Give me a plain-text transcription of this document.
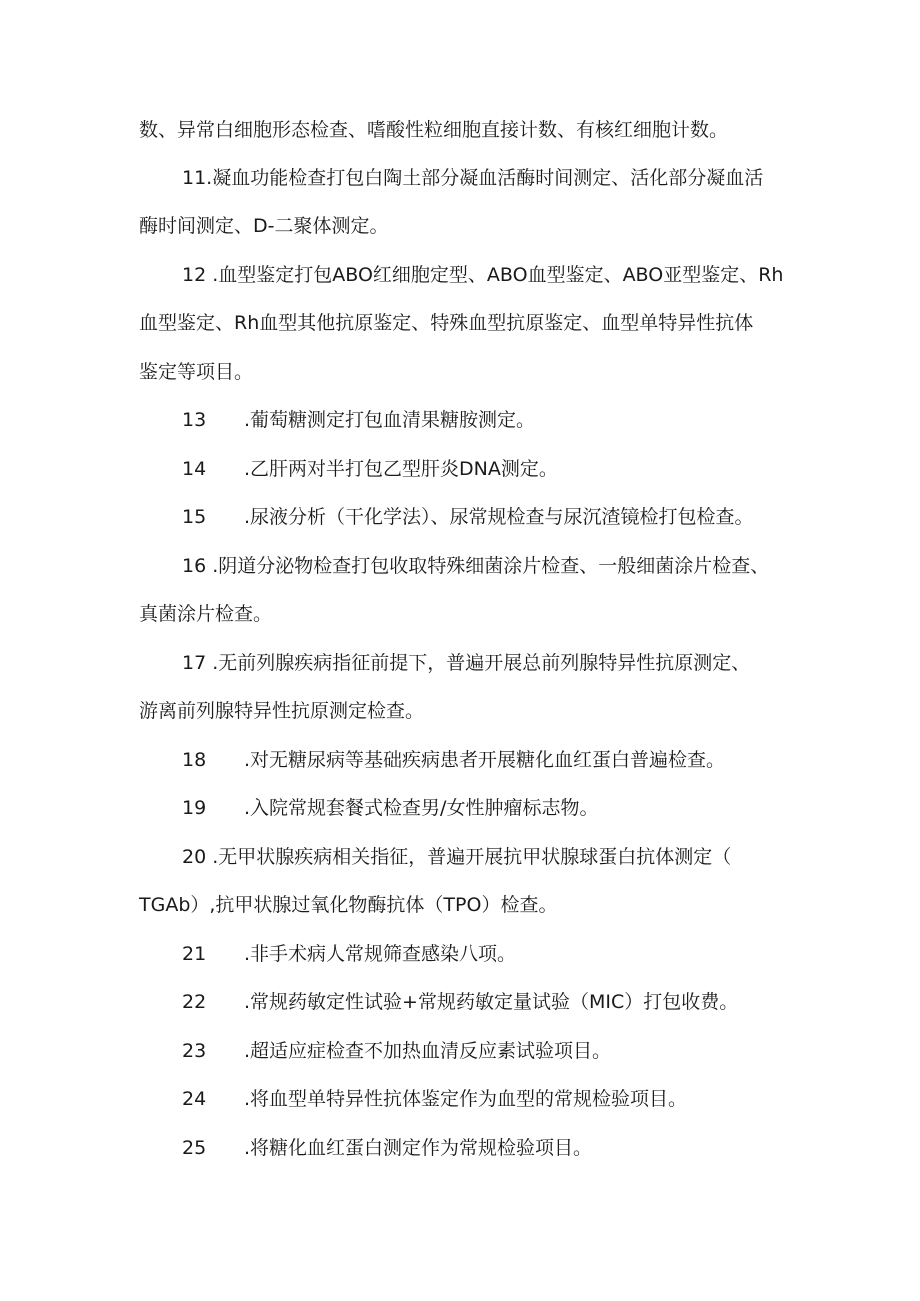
数、异常白细胞形态检查、嗜酸性粒细胞直接计数、有核红细胞计数。
11.凝血功能检查打包白陶土部分凝血活酶时间测定、活化部分凝血活
酶时间测定、D-二聚体测定。
12 .血型鉴定打包ABO红细胞定型、ABO血型鉴定、ABO亚型鉴定、Rh
血型鉴定、Rh血型其他抗原鉴定、特殊血型抗原鉴定、血型单特异性抗体
鉴定等项目。
13 .葡萄糖测定打包血清果糖胺测定。
14 .乙肝两对半打包乙型肝炎DNA测定。
15 .尿液分析（干化学法）、尿常规检查与尿沉渣镜检打包检查。
16 .阴道分泌物检查打包收取特殊细菌涂片检查、一般细菌涂片检查、
真菌涂片检查。
17 .无前列腺疾病指征前提下，普遍开展总前列腺特异性抗原测定、
游离前列腺特异性抗原测定检查。
18 .对无糖尿病等基础疾病患者开展糖化血红蛋白普遍检查。
19 .入院常规套餐式检查男/女性肿瘤标志物。
20 .无甲状腺疾病相关指征，普遍开展抗甲状腺球蛋白抗体测定（
TGAb）,抗甲状腺过氧化物酶抗体（TPO）检查。
21 .非手术病人常规筛查感染八项。
22 .常规药敏定性试验+常规药敏定量试验（MIC）打包收费。
23 .超适应症检查不加热血清反应素试验项目。
24 .将血型单特异性抗体鉴定作为血型的常规检验项目。
25 .将糖化血红蛋白测定作为常规检验项目。
